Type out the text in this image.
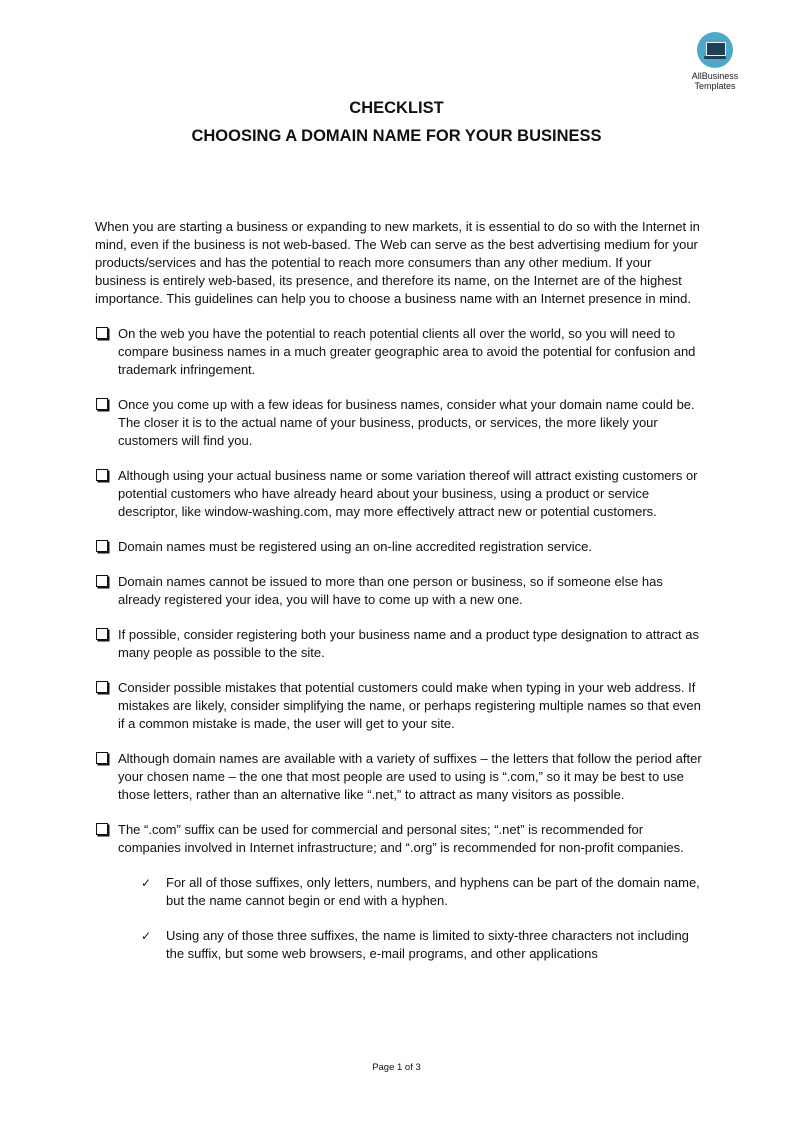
AllBusiness
Templates
CHECKLIST
CHOOSING A DOMAIN NAME FOR YOUR BUSINESS

When you are starting a business or expanding to new markets, it is essential to do so with the Internet in mind, even if the business is not web-based. The Web can serve as the best advertising medium for your products/services and has the potential to reach more consumers than any other medium. If your business is entirely web-based, its presence, and therefore its name, on the Internet are of the highest importance. This guidelines can help you to choose a business name with an Internet presence in mind.

On the web you have the potential to reach potential clients all over the world, so you will need to compare business names in a much greater geographic area to avoid the potential for confusion and trademark infringement.
Once you come up with a few ideas for business names, consider what your domain name could be. The closer it is to the actual name of your business, products, or services, the more likely your customers will find you.
Although using your actual business name or some variation thereof will attract existing customers or potential customers who have already heard about your business, using a product or service descriptor, like window-washing.com, may more effectively attract new or potential customers.
Domain names must be registered using an on-line accredited registration service.
Domain names cannot be issued to more than one person or business, so if someone else has already registered your idea, you will have to come up with a new one.
If possible, consider registering both your business name and a product type designation to attract as many people as possible to the site.
Consider possible mistakes that potential customers could make when typing in your web address. If mistakes are likely, consider simplifying the name, or perhaps registering multiple names so that even if a common mistake is made, the user will get to your site.
Although domain names are available with a variety of suffixes – the letters that follow the period after your chosen name – the one that most people are used to using is “.com,” so it may be best to use those letters, rather than an alternative like “.net,” to attract as many visitors as possible.
The “.com” suffix can be used for commercial and personal sites; “.net” is recommended for companies involved in Internet infrastructure; and “.org” is recommended for non-profit companies.
✓ For all of those suffixes, only letters, numbers, and hyphens can be part of the domain name, but the name cannot begin or end with a hyphen.
✓ Using any of those three suffixes, the name is limited to sixty-three characters not including the suffix, but some web browsers, e-mail programs, and other applications
Page 1 of 3
